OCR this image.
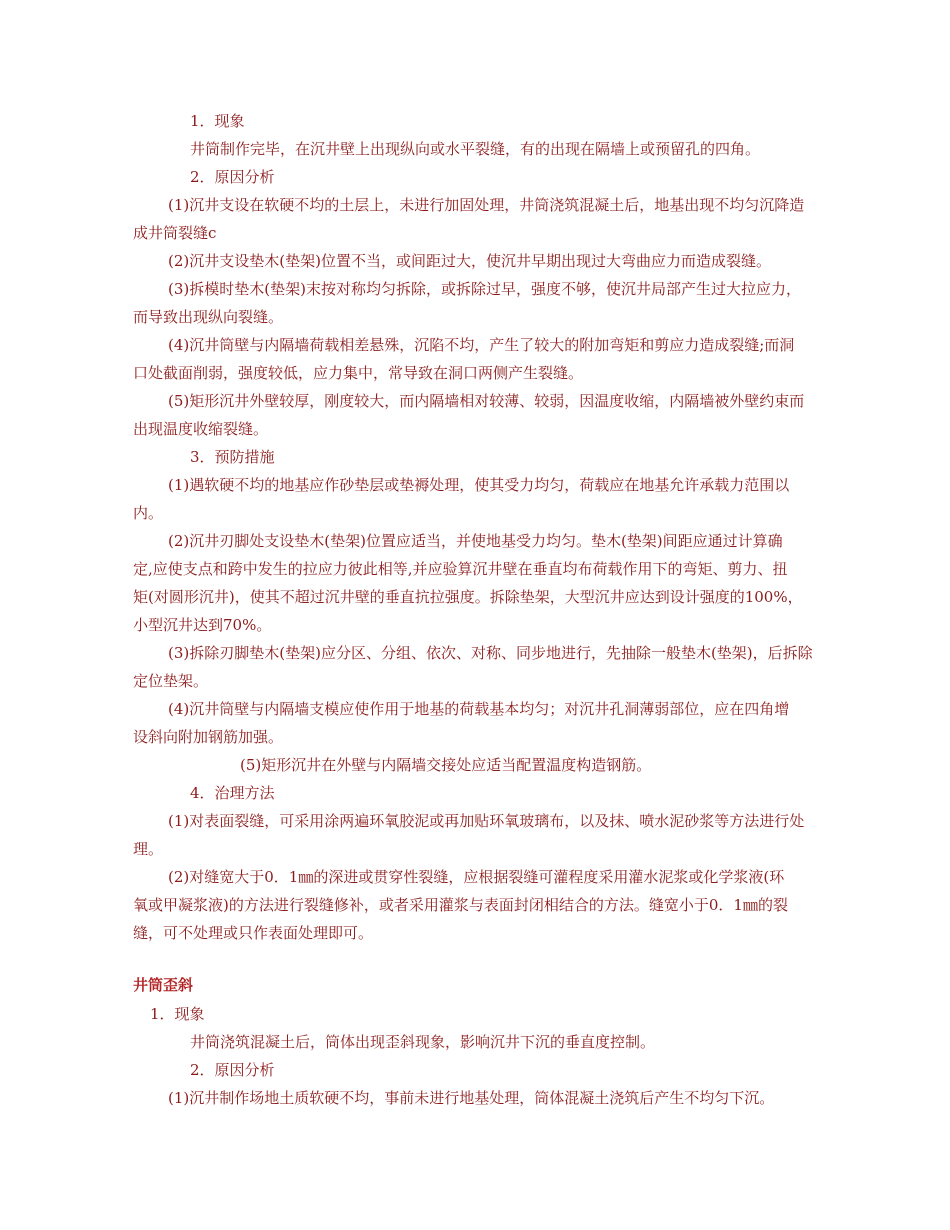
1．现象

井筒制作完毕，在沉井壁上出现纵向或水平裂缝，有的出现在隔墙上或预留孔的四角。

2．原因分析

(1)沉井支设在软硬不均的土层上，未进行加固处理，井筒浇筑混凝土后，地基出现不均匀沉降造

成井筒裂缝c

(2)沉井支设垫木(垫架)位置不当，或间距过大，使沉井早期出现过大弯曲应力而造成裂缝。

(3)拆模时垫木(垫架)末按对称均匀拆除，或拆除过早，强度不够，使沉井局部产生过大拉应力，

而导致出现纵向裂缝。

(4)沉井筒壁与内隔墙荷载相差悬殊，沉陷不均，产生了较大的附加弯矩和剪应力造成裂缝;而洞

口处截面削弱，强度较低，应力集中，常导致在洞口两侧产生裂缝。

(5)矩形沉井外壁较厚，刚度较大，而内隔墙相对较薄、较弱，因温度收缩，内隔墙被外壁约束而

出现温度收缩裂缝。

3．预防措施

(1)遇软硬不均的地基应作砂垫层或垫褥处理，使其受力均匀，荷载应在地基允许承载力范围以

内。

(2)沉井刃脚处支设垫木(垫架)位置应适当，并使地基受力均匀。垫木(垫架)间距应通过计算确

定,应使支点和跨中发生的拉应力彼此相等,并应验算沉井壁在垂直均布荷载作用下的弯矩、剪力、扭

矩(对圆形沉井)，使其不超过沉井壁的垂直抗拉强度。拆除垫架，大型沉井应达到设计强度的100%，

小型沉井达到70%。

(3)拆除刃脚垫木(垫架)应分区、分组、依次、对称、同步地进行，先抽除一般垫木(垫架)，后拆除

定位垫架。

(4)沉井筒壁与内隔墙支模应使作用于地基的荷载基本均匀；对沉井孔洞薄弱部位，应在四角增

设斜向附加钢筋加强。

(5)矩形沉井在外壁与内隔墙交接处应适当配置温度构造钢筋。

4．治理方法

(1)对表面裂缝，可采用涂两遍环氧胶泥或再加贴环氧玻璃布，以及抹、喷水泥砂浆等方法进行处

理。

(2)对缝宽大于0．1㎜的深进或贯穿性裂缝，应根据裂缝可灌程度采用灌水泥浆或化学浆液(环

氧或甲凝浆液)的方法进行裂缝修补，或者采用灌浆与表面封闭相结合的方法。缝宽小于0．1㎜的裂

缝，可不处理或只作表面处理即可。

井筒歪斜

1．现象

井筒浇筑混凝土后，筒体出现歪斜现象，影响沉井下沉的垂直度控制。

2．原因分析

(1)沉井制作场地土质软硬不均，事前未进行地基处理，筒体混凝土浇筑后产生不均匀下沉。
